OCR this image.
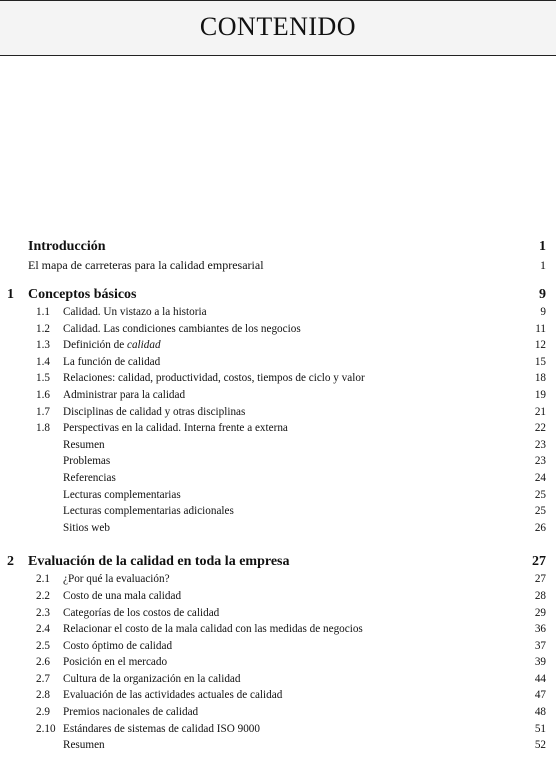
CONTENIDO
Introducción	1
El mapa de carreteras para la calidad empresarial	1
1 Conceptos básicos	9
1.1 Calidad. Un vistazo a la historia	9
1.2 Calidad. Las condiciones cambiantes de los negocios	11
1.3 Definición de calidad	12
1.4 La función de calidad	15
1.5 Relaciones: calidad, productividad, costos, tiempos de ciclo y valor	18
1.6 Administrar para la calidad	19
1.7 Disciplinas de calidad y otras disciplinas	21
1.8 Perspectivas en la calidad. Interna frente a externa	22
Resumen	23
Problemas	23
Referencias	24
Lecturas complementarias	25
Lecturas complementarias adicionales	25
Sitios web	26
2 Evaluación de la calidad en toda la empresa	27
2.1 ¿Por qué la evaluación?	27
2.2 Costo de una mala calidad	28
2.3 Categorías de los costos de calidad	29
2.4 Relacionar el costo de la mala calidad con las medidas de negocios	36
2.5 Costo óptimo de calidad	37
2.6 Posición en el mercado	39
2.7 Cultura de la organización en la calidad	44
2.8 Evaluación de las actividades actuales de calidad	47
2.9 Premios nacionales de calidad	48
2.10 Estándares de sistemas de calidad ISO 9000	51
Resumen	52
